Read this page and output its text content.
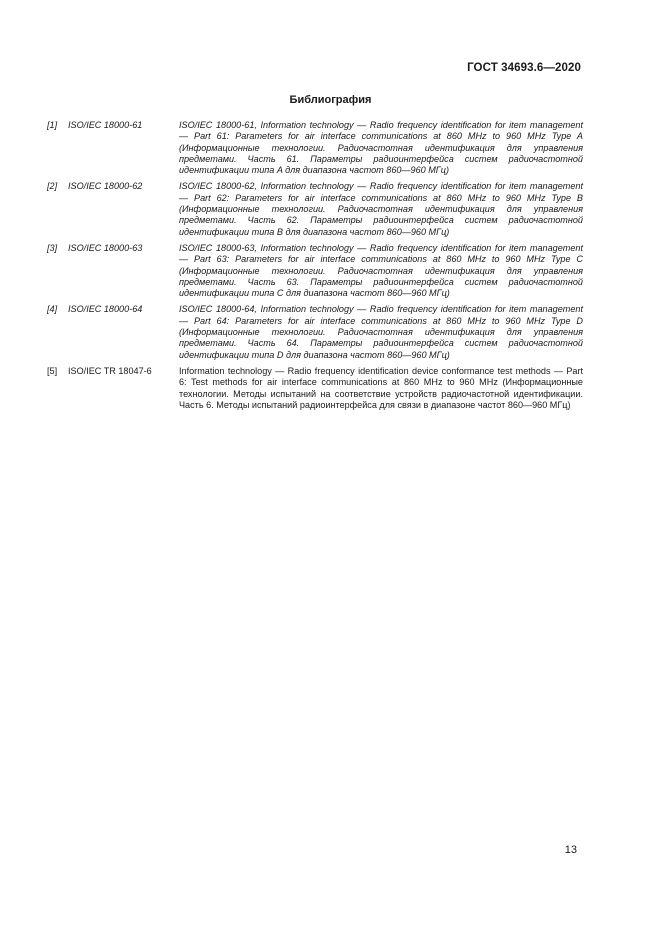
ГОСТ 34693.6—2020
Библиография
[1]	ISO/IEC 18000-61	ISO/IEC 18000-61, Information technology — Radio frequency identification for item management — Part 61: Parameters for air interface communications at 860 MHz to 960 MHz Type A (Информационные технологии. Радиочастотная идентификация для управления предметами. Часть 61. Параметры радиоинтерфейса систем радиочастотной идентификации типа A для диапазона частот 860—960 МГц)
[2]	ISO/IEC 18000-62	ISO/IEC 18000-62, Information technology — Radio frequency identification for item management — Part 62: Parameters for air interface communications at 860 MHz to 960 MHz Type B (Информационные технологии. Радиочастотная идентификация для управления предметами. Часть 62. Параметры радиоинтерфейса систем радиочастотной идентификации типа B для диапазона частот 860—960 МГц)
[3]	ISO/IEC 18000-63	ISO/IEC 18000-63, Information technology — Radio frequency identification for item management — Part 63: Parameters for air interface communications at 860 MHz to 960 MHz Type C (Информационные технологии. Радиочастотная идентификация для управления предметами. Часть 63. Параметры радиоинтерфейса систем радиочастотной идентификации типа C для диапазона частот 860—960 МГц)
[4]	ISO/IEC 18000-64	ISO/IEC 18000-64, Information technology — Radio frequency identification for item management — Part 64: Parameters for air interface communications at 860 MHz to 960 MHz Type D (Информационные технологии. Радиочастотная идентификация для управления предметами. Часть 64. Параметры радиоинтерфейса систем радиочастотной идентификации типа D для диапазона частот 860—960 МГц)
[5]	ISO/IEC TR 18047-6	Information technology — Radio frequency identification device conformance test methods — Part 6: Test methods for air interface communications at 860 MHz to 960 MHz (Информационные технологии. Методы испытаний на соответствие устройств радиочастотной идентификации. Часть 6. Методы испытаний радиоинтерфейса для связи в диапазоне частот 860—960 МГц)
13
